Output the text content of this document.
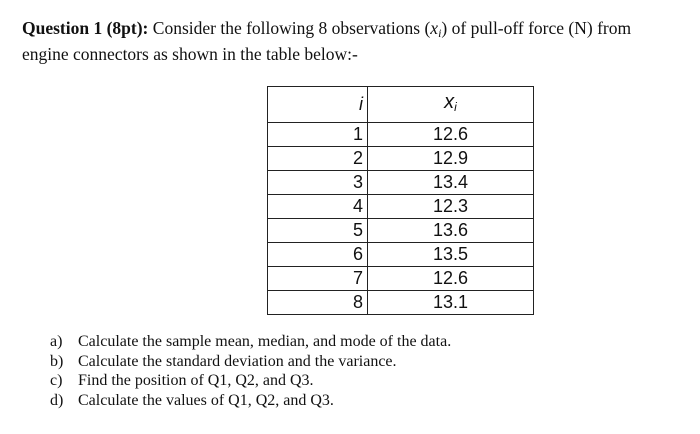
Question 1 (8pt): Consider the following 8 observations $(x_i)$ of pull-off force (N) from engine connectors as shown in the table below:-
i	xi
1	12.6
2	12.9
3	13.4
4	12.3
5	13.6
6	13.5
7	12.6
8	13.1
a) Calculate the sample mean, median, and mode of the data.
b) Calculate the standard deviation and the variance.
c) Find the position of Q1, Q2, and Q3.
d) Calculate the values of Q1, Q2, and Q3.
